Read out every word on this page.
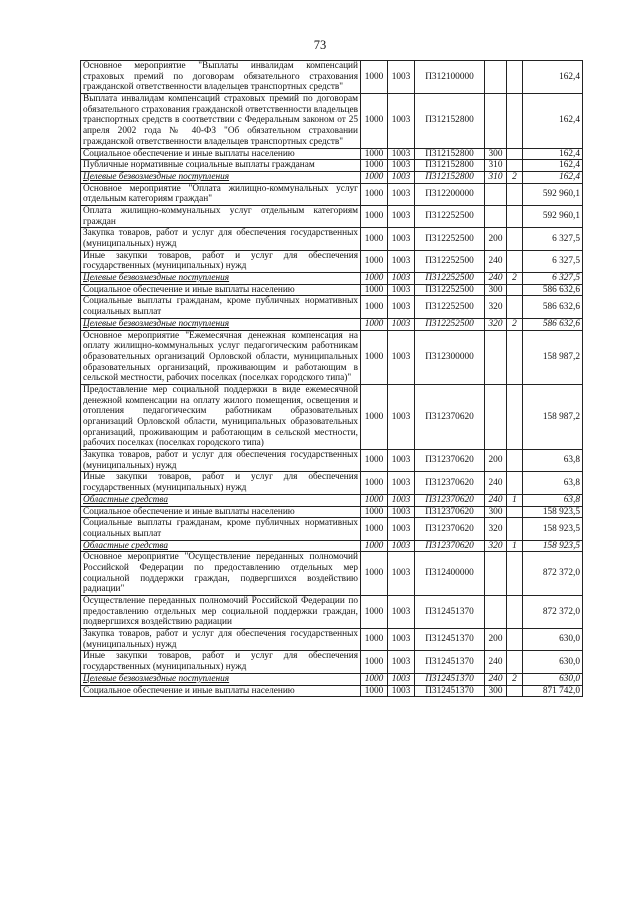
73
Основное мероприятие "Выплаты инвалидам компенсаций страховых премий по договорам обязательного страхования гражданской ответственности владельцев транспортных средств"	1000	1003	П312100000			162,4
Выплата инвалидам компенсаций страховых премий по договорам обязательного страхования гражданской ответственности владельцев транспортных средств в соответствии с Федеральным законом от 25 апреля 2002 года № 40-ФЗ "Об обязательном страховании гражданской ответственности владельцев транспортных средств"	1000	1003	П312152800			162,4
Социальное обеспечение и иные выплаты населению	1000	1003	П312152800	300		162,4
Публичные нормативные социальные выплаты гражданам	1000	1003	П312152800	310		162,4
Целевые безвозмездные поступления	1000	1003	П312152800	310	2	162,4
Основное мероприятие "Оплата жилищно-коммунальных услуг отдельным категориям граждан"	1000	1003	П312200000			592 960,1
Оплата жилищно-коммунальных услуг отдельным категориям граждан	1000	1003	П312252500			592 960,1
Закупка товаров, работ и услуг для обеспечения государственных (муниципальных) нужд	1000	1003	П312252500	200		6 327,5
Иные закупки товаров, работ и услуг для обеспечения государственных (муниципальных) нужд	1000	1003	П312252500	240		6 327,5
Целевые безвозмездные поступления	1000	1003	П312252500	240	2	6 327,5
Социальное обеспечение и иные выплаты населению	1000	1003	П312252500	300		586 632,6
Социальные выплаты гражданам, кроме публичных нормативных социальных выплат	1000	1003	П312252500	320		586 632,6
Целевые безвозмездные поступления	1000	1003	П312252500	320	2	586 632,6
Основное мероприятие "Ежемесячная денежная компенсация на оплату жилищно-коммунальных услуг педагогическим работникам образовательных организаций Орловской области, муниципальных образовательных организаций, проживающим и работающим в сельской местности, рабочих поселках (поселках городского типа)"	1000	1003	П312300000			158 987,2
Предоставление мер социальной поддержки в виде ежемесячной денежной компенсации на оплату жилого помещения, освещения и отопления педагогическим работникам образовательных организаций Орловской области, муниципальных образовательных организаций, проживающим и работающим в сельской местности, рабочих поселках (поселках городского типа)	1000	1003	П312370620			158 987,2
Закупка товаров, работ и услуг для обеспечения государственных (муниципальных) нужд	1000	1003	П312370620	200		63,8
Иные закупки товаров, работ и услуг для обеспечения государственных (муниципальных) нужд	1000	1003	П312370620	240		63,8
Областные средства	1000	1003	П312370620	240	1	63,8
Социальное обеспечение и иные выплаты населению	1000	1003	П312370620	300		158 923,5
Социальные выплаты гражданам, кроме публичных нормативных социальных выплат	1000	1003	П312370620	320		158 923,5
Областные средства	1000	1003	П312370620	320	1	158 923,5
Основное мероприятие "Осуществление переданных полномочий Российской Федерации по предоставлению отдельных мер социальной поддержки граждан, подвергшихся воздействию радиации"	1000	1003	П312400000			872 372,0
Осуществление переданных полномочий Российской Федерации по предоставлению отдельных мер социальной поддержки граждан, подвергшихся воздействию радиации	1000	1003	П312451370			872 372,0
Закупка товаров, работ и услуг для обеспечения государственных (муниципальных) нужд	1000	1003	П312451370	200		630,0
Иные закупки товаров, работ и услуг для обеспечения государственных (муниципальных) нужд	1000	1003	П312451370	240		630,0
Целевые безвозмездные поступления	1000	1003	П312451370	240	2	630,0
Социальное обеспечение и иные выплаты населению	1000	1003	П312451370	300		871 742,0
